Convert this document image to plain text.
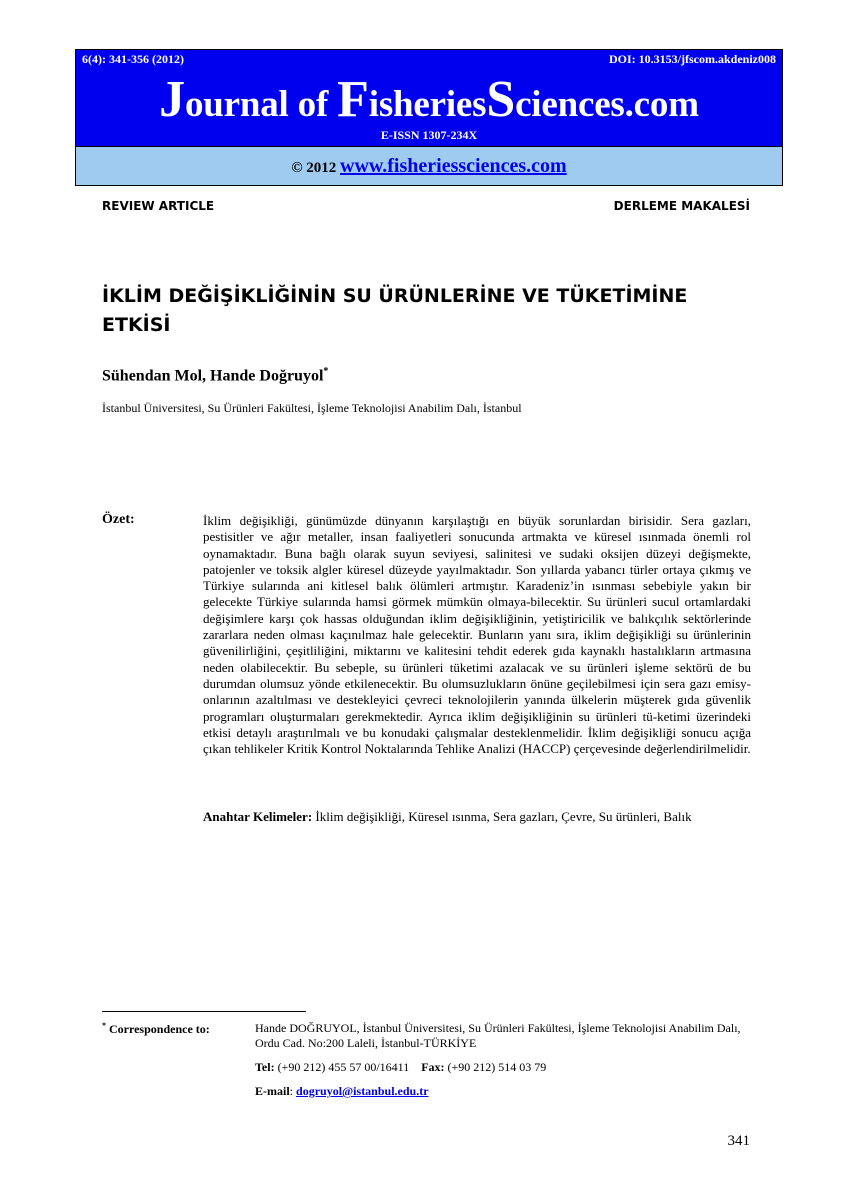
6(4): 341-356 (2012)	DOI: 10.3153/jfscom.akdeniz008
Journal of FisheriesSciences.com
E-ISSN 1307-234X
© 2012 www.fisheriessciences.com
REVIEW ARTICLE	DERLEME MAKALESİ
İKLİM DEĞİŞİKLİĞİNİN SU ÜRÜNLERİNE VE TÜKETİMİNE ETKİSİ
Sühendan Mol, Hande Doğruyol*
İstanbul Üniversitesi, Su Ürünleri Fakültesi, İşleme Teknolojisi Anabilim Dalı, İstanbul
Özet:	İklim değişikliği, günümüzde dünyanın karşılaştığı en büyük sorunlardan birisidir. Sera gazları, pestisitler ve ağır metaller, insan faaliyetleri sonucunda artmakta ve küresel ısınmada önemli rol oynamaktadır. Buna bağlı olarak suyun seviyesi, salinitesi ve sudaki oksijen düzeyi değişmekte, patojenler ve toksik algler küresel düzeyde yayılmaktadır. Son yıllarda yabancı türler ortaya çıkmış ve Türkiye sularında ani kitlesel balık ölümleri artmıştır. Karadeniz’in ısınması sebebiyle yakın bir gelecekte Türkiye sularında hamsi görmek mümkün olmaya-bilecektir. Su ürünleri sucul ortamlardaki değişimlere karşı çok hassas olduğundan iklim değişikliğinin, yetiştiricilik ve balıkçılık sektörlerinde zararlara neden olması kaçınılmaz hale gelecektir. Bunların yanı sıra, iklim değişikliği su ürünlerinin güvenilirliğini, çeşitliliğini, miktarını ve kalitesini tehdit ederek gıda kaynaklı hastalıkların artmasına neden olabilecektir. Bu sebeple, su ürünleri tüketimi azalacak ve su ürünleri işleme sektörü de bu durumdan olumsuz yönde etkilenecektir. Bu olumsuzlukların önüne geçilebilmesi için sera gazı emisy-onlarının azaltılması ve destekleyici çevreci teknolojilerin yanında ülkelerin müşterek gıda güvenlik programları oluşturmaları gerekmektedir. Ayrıca iklim değişikliğinin su ürünleri tü-ketimi üzerindeki etkisi detaylı araştırılmalı ve bu konudaki çalışmalar desteklenmelidir. İklim değişikliği sonucu açığa çıkan tehlikeler Kritik Kontrol Noktalarında Tehlike Analizi (HACCP) çerçevesinde değerlendirilmelidir.

Anahtar Kelimeler: İklim değişikliği, Küresel ısınma, Sera gazları, Çevre, Su ürünleri, Balık
* Correspondence to:	Hande DOĞRUYOL, İstanbul Üniversitesi, Su Ürünleri Fakültesi, İşleme Teknolojisi Anabilim Dalı, Ordu Cad. No:200 Laleli, İstanbul-TÜRKİYE

Tel: (+90 212) 455 57 00/16411 Fax: (+90 212) 514 03 79
E-mail: dogruyol@istanbul.edu.tr
341
